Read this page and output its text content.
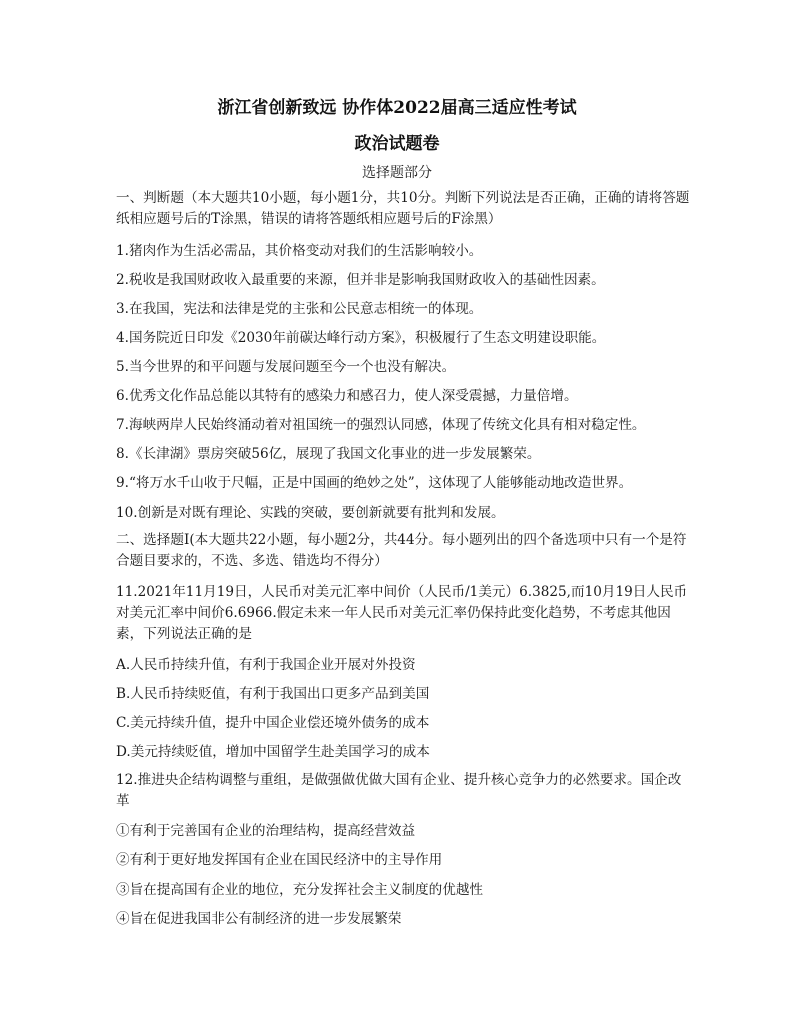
浙江省创新致远 协作体2022届高三适应性考试
政治试题卷
选择题部分
一、判断题（本大题共10小题，每小题1分，共10分。判断下列说法是否正确，正确的请将答题纸相应题号后的T涂黑，错误的请将答题纸相应题号后的F涂黑）
1.猪肉作为生活必需品，其价格变动对我们的生活影响较小。
2.税收是我国财政收入最重要的来源，但并非是影响我国财政收入的基础性因素。
3.在我国，宪法和法律是党的主张和公民意志相统一的体现。
4.国务院近日印发《2030年前碳达峰行动方案》，积极履行了生态文明建设职能。
5.当今世界的和平问题与发展问题至今一个也没有解决。
6.优秀文化作品总能以其特有的感染力和感召力，使人深受震撼，力量倍增。
7.海峡两岸人民始终涌动着对祖国统一的强烈认同感，体现了传统文化具有相对稳定性。
8.《长津湖》票房突破56亿，展现了我国文化事业的进一步发展繁荣。
9.“将万水千山收于尺幅，正是中国画的绝妙之处”，这体现了人能够能动地改造世界。
10.创新是对既有理论、实践的突破，要创新就要有批判和发展。
二、选择题I(本大题共22小题，每小题2分，共44分。每小题列出的四个备选项中只有一个是符合题目要求的，不选、多选、错选均不得分）
11.2021年11月19日，人民币对美元汇率中间价（人民币/1美元）6.3825,而10月19日人民币对美元汇率中间价6.6966.假定未来一年人民币对美元汇率仍保持此变化趋势，不考虑其他因素，下列说法正确的是
A.人民币持续升值，有利于我国企业开展对外投资
B.人民币持续贬值，有利于我国出口更多产品到美国
C.美元持续升值，提升中国企业偿还境外债务的成本
D.美元持续贬值，增加中国留学生赴美国学习的成本
12.推进央企结构调整与重组，是做强做优做大国有企业、提升核心竞争力的必然要求。国企改革
①有利于完善国有企业的治理结构，提高经营效益
②有利于更好地发挥国有企业在国民经济中的主导作用
③旨在提高国有企业的地位，充分发挥社会主义制度的优越性
④旨在促进我国非公有制经济的进一步发展繁荣
